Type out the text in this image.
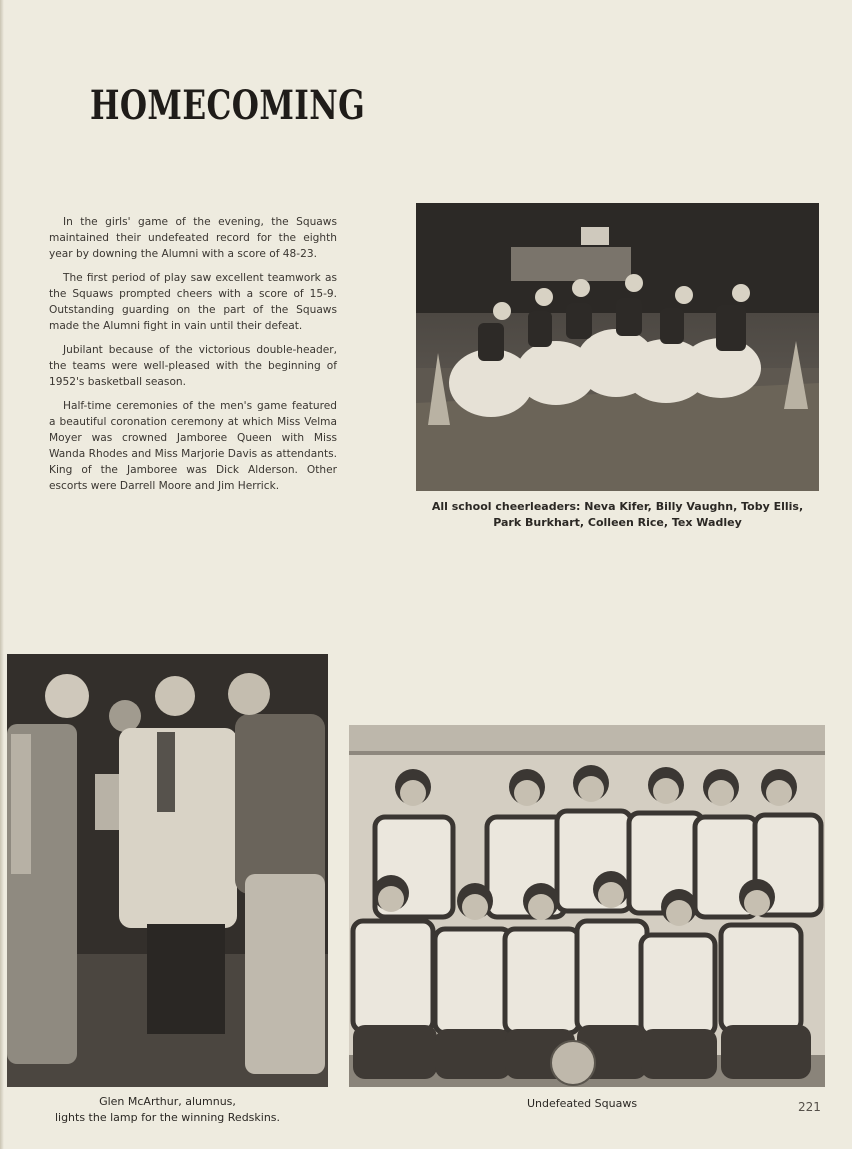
HOMECOMING

In the girls' game of the evening, the Squaws maintained their undefeated record for the eighth year by downing the Alumni with a score of 48-23.

The first period of play saw excellent teamwork as the Squaws prompted cheers with a score of 15-9. Outstanding guarding on the part of the Squaws made the Alumni fight in vain until their defeat.

Jubilant because of the victorious double-header, the teams were well-pleased with the beginning of 1952's basketball season.

Half-time ceremonies of the men's game featured a beautiful coronation ceremony at which Miss Velma Moyer was crowned Jamboree Queen with Miss Wanda Rhodes and Miss Marjorie Davis as attendants. King of the Jamboree was Dick Alderson. Other escorts were Darrell Moore and Jim Herrick.

All school cheerleaders: Neva Kifer, Billy Vaughn, Toby Ellis,
Park Burkhart, Colleen Rice, Tex Wadley
Glen McArthur, alumnus,
lights the lamp for the winning Redskins.
Undefeated Squaws	221
